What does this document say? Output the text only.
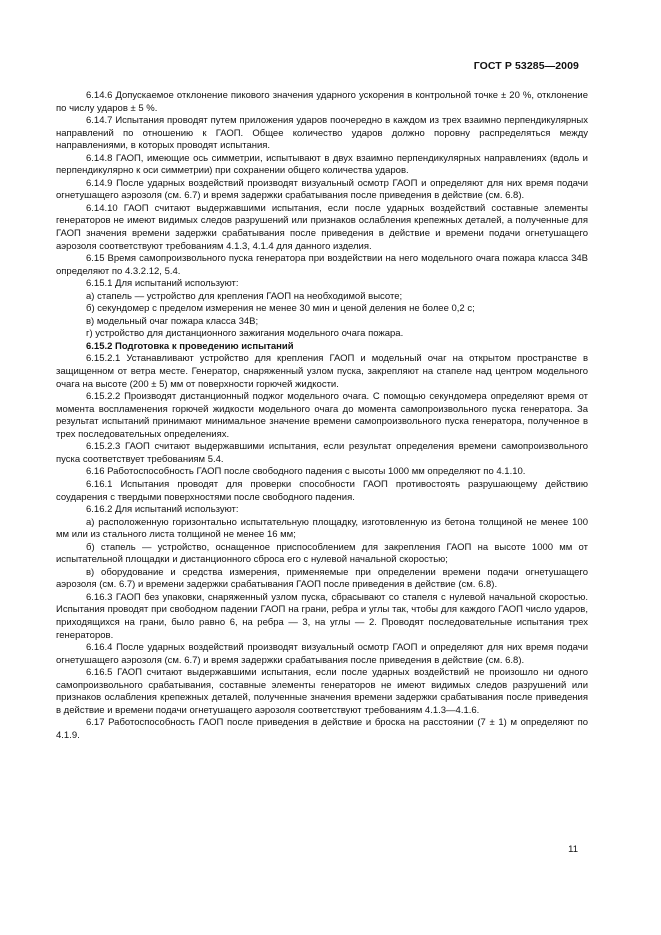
ГОСТ Р 53285—2009

6.14.6 Допускаемое отклонение пикового значения ударного ускорения в контрольной точке ± 20 %, отклонение по числу ударов ± 5 %.

6.14.7 Испытания проводят путем приложения ударов поочередно в каждом из трех взаимно перпендикулярных направлений по отношению к ГАОП. Общее количество ударов должно поровну распределяться между направлениями, в которых проводят испытания.

6.14.8 ГАОП, имеющие ось симметрии, испытывают в двух взаимно перпендикулярных направлениях (вдоль и перпендикулярно к оси симметрии) при сохранении общего количества ударов.

6.14.9 После ударных воздействий производят визуальный осмотр ГАОП и определяют для них время подачи огнетушащего аэрозоля (см. 6.7) и время задержки срабатывания после приведения в действие (см. 6.8).

6.14.10 ГАОП считают выдержавшими испытания, если после ударных воздействий составные элементы генераторов не имеют видимых следов разрушений или признаков ослабления крепежных деталей, а полученные для ГАОП значения времени задержки срабатывания после приведения в действие и времени подачи огнетушащего аэрозоля соответствуют требованиям 4.1.3, 4.1.4 для данного изделия.

6.15 Время самопроизвольного пуска генератора при воздействии на него модельного очага пожара класса 34В определяют по 4.3.2.12, 5.4.

6.15.1 Для испытаний используют:

а) стапель — устройство для крепления ГАОП на необходимой высоте;

б) секундомер с пределом измерения не менее 30 мин и ценой деления не более 0,2 с;

в) модельный очаг пожара класса 34В;

г) устройство для дистанционного зажигания модельного очага пожара.

6.15.2 Подготовка к проведению испытаний

6.15.2.1 Устанавливают устройство для крепления ГАОП и модельный очаг на открытом пространстве в защищенном от ветра месте. Генератор, снаряженный узлом пуска, закрепляют на стапеле над центром модельного очага на высоте (200 ± 5) мм от поверхности горючей жидкости.

6.15.2.2 Производят дистанционный поджог модельного очага. С помощью секундомера определяют время от момента воспламенения горючей жидкости модельного очага до момента самопроизвольного пуска генератора. За результат испытаний принимают минимальное значение времени самопроизвольного пуска генератора, полученное в трех последовательных определениях.

6.15.2.3 ГАОП считают выдержавшими испытания, если результат определения времени самопроизвольного пуска соответствует требованиям 5.4.

6.16 Работоспособность ГАОП после свободного падения с высоты 1000 мм определяют по 4.1.10.

6.16.1 Испытания проводят для проверки способности ГАОП противостоять разрушающему действию соударения с твердыми поверхностями после свободного падения.

6.16.2 Для испытаний используют:

а) расположенную горизонтально испытательную площадку, изготовленную из бетона толщиной не менее 100 мм или из стального листа толщиной не менее 16 мм;

б) стапель — устройство, оснащенное приспособлением для закрепления ГАОП на высоте 1000 мм от испытательной площадки и дистанционного сброса его с нулевой начальной скоростью;

в) оборудование и средства измерения, применяемые при определении времени подачи огнетушащего аэрозоля (см. 6.7) и времени задержки срабатывания ГАОП после приведения в действие (см. 6.8).

6.16.3 ГАОП без упаковки, снаряженный узлом пуска, сбрасывают со стапеля с нулевой начальной скоростью. Испытания проводят при свободном падении ГАОП на грани, ребра и углы так, чтобы для каждого ГАОП число ударов, приходящихся на грани, было равно 6, на ребра — 3, на углы — 2. Проводят последовательные испытания трех генераторов.

6.16.4 После ударных воздействий производят визуальный осмотр ГАОП и определяют для них время подачи огнетушащего аэрозоля (см. 6.7) и время задержки срабатывания после приведения в действие (см. 6.8).

6.16.5 ГАОП считают выдержавшими испытания, если после ударных воздействий не произошло ни одного самопроизвольного срабатывания, составные элементы генераторов не имеют видимых следов разрушений или признаков ослабления крепежных деталей, полученные значения времени задержки срабатывания после приведения в действие и времени подачи огнетушащего аэрозоля соответствуют требованиям 4.1.3—4.1.6.

6.17 Работоспособность ГАОП после приведения в действие и броска на расстоянии (7 ± 1) м определяют по 4.1.9.

11
